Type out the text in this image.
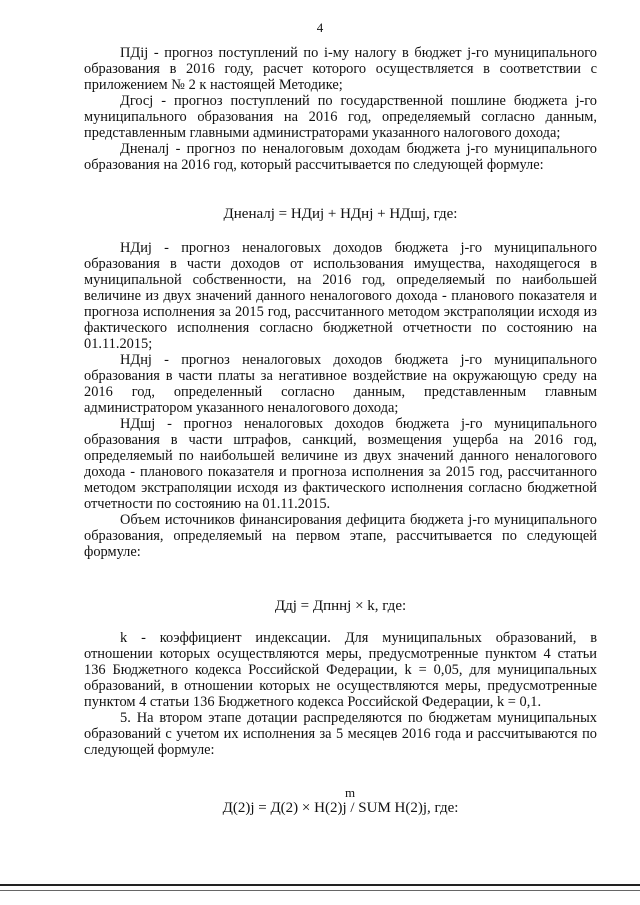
4

ПДij - прогноз поступлений по i-му налогу в бюджет j-го муниципального образования в 2016 году, расчет которого осуществляется в соответствии с приложением № 2 к настоящей Методике;

Дгосj - прогноз поступлений по государственной пошлине бюджета j-го муниципального образования на 2016 год, определяемый согласно данным, представленным главными администраторами указанного налогового дохода;

Дненалj - прогноз по неналоговым доходам бюджета j-го муниципального образования на 2016 год, который рассчитывается по следующей формуле:

Дненалj = НДиj + НДнj + НДшj, где:

НДиj - прогноз неналоговых доходов бюджета j-го муниципального образования в части доходов от использования имущества, находящегося в муниципальной собственности, на 2016 год, определяемый по наибольшей величине из двух значений данного неналогового дохода - планового показателя и прогноза исполнения за 2015 год, рассчитанного методом экстраполяции исходя из фактического исполнения согласно бюджетной отчетности по состоянию на 01.11.2015;

НДнj - прогноз неналоговых доходов бюджета j-го муниципального образования в части платы за негативное воздействие на окружающую среду на 2016 год, определенный согласно данным, представленным главным администратором указанного неналогового дохода;

НДшj - прогноз неналоговых доходов бюджета j-го муниципального образования в части штрафов, санкций, возмещения ущерба на 2016 год, определяемый по наибольшей величине из двух значений данного неналогового дохода - планового показателя и прогноза исполнения за 2015 год, рассчитанного методом экстраполяции исходя из фактического исполнения согласно бюджетной отчетности по состоянию на 01.11.2015.

Объем источников финансирования дефицита бюджета j-го муниципального образования, определяемый на первом этапе, рассчитывается по следующей формуле:

Ддj = Дпннj × k, где:

k - коэффициент индексации. Для муниципальных образований, в отношении которых осуществляются меры, предусмотренные пунктом 4 статьи 136 Бюджетного кодекса Российской Федерации, k = 0,05, для муниципальных образований, в отношении которых не осуществляются меры, предусмотренные пунктом 4 статьи 136 Бюджетного кодекса Российской Федерации, k = 0,1.

5. На втором этапе дотации распределяются по бюджетам муниципальных образований с учетом их исполнения за 5 месяцев 2016 года и рассчитываются по следующей формуле:

m

Д(2)j = Д(2) × Н(2)j / SUM Н(2)j, где:
